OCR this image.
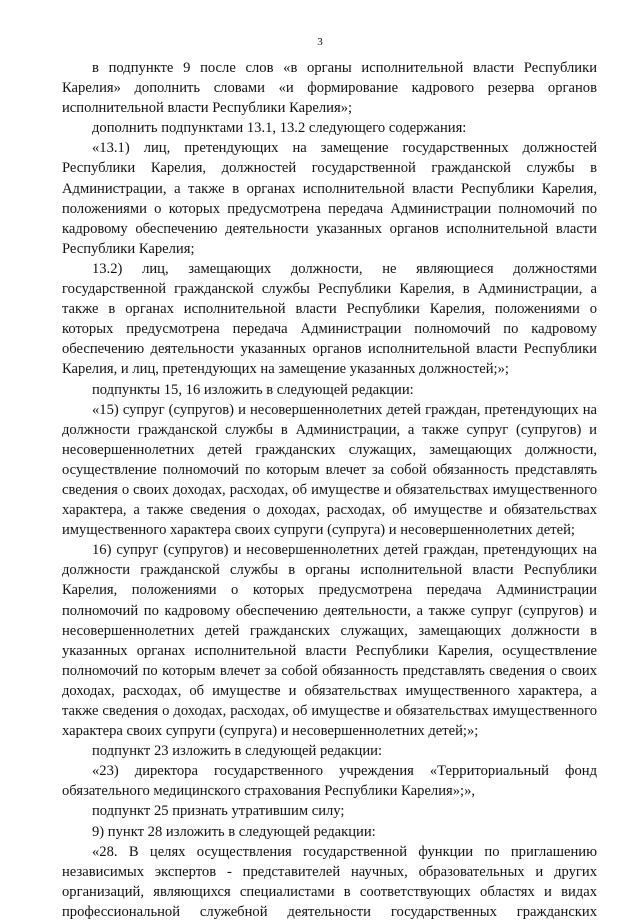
3

в подпункте 9 после слов «в органы исполнительной власти Республики Карелия» дополнить словами «и формирование кадрового резерва органов исполнительной власти Республики Карелия»;

дополнить подпунктами 13.1, 13.2 следующего содержания:

«13.1) лиц, претендующих на замещение государственных должностей Республики Карелия, должностей государственной гражданской службы в Администрации, а также в органах исполнительной власти Республики Карелия, положениями о которых предусмотрена передача Администрации полномочий по кадровому обеспечению деятельности указанных органов исполнительной власти Республики Карелия;

13.2) лиц, замещающих должности, не являющиеся должностями государственной гражданской службы Республики Карелия, в Администрации, а также в органах исполнительной власти Республики Карелия, положениями о которых предусмотрена передача Администрации полномочий по кадровому обеспечению деятельности указанных органов исполнительной власти Республики Карелия, и лиц, претендующих на замещение указанных должностей;»;

подпункты 15, 16 изложить в следующей редакции:

«15) супруг (супругов) и несовершеннолетних детей граждан, претендующих на должности гражданской службы в Администрации, а также супруг (супругов) и несовершеннолетних детей гражданских служащих, замещающих должности, осуществление полномочий по которым влечет за собой обязанность представлять сведения о своих доходах, расходах, об имуществе и обязательствах имущественного характера, а также сведения о доходах, расходах, об имуществе и обязательствах имущественного характера своих супруги (супруга) и несовершеннолетних детей;

16) супруг (супругов) и несовершеннолетних детей граждан, претендующих на должности гражданской службы в органы исполнительной власти Республики Карелия, положениями о которых предусмотрена передача Администрации полномочий по кадровому обеспечению деятельности, а также супруг (супругов) и несовершеннолетних детей гражданских служащих, замещающих должности в указанных органах исполнительной власти Республики Карелия, осуществление полномочий по которым влечет за собой обязанность представлять сведения о своих доходах, расходах, об имуществе и обязательствах имущественного характера, а также сведения о доходах, расходах, об имуществе и обязательствах имущественного характера своих супруги (супруга) и несовершеннолетних детей;»;

подпункт 23 изложить в следующей редакции:

«23) директора государственного учреждения «Территориальный фонд обязательного медицинского страхования Республики Карелия»;»,

подпункт 25 признать утратившим силу;

9) пункт 28 изложить в следующей редакции:

«28. В целях осуществления государственной функции по приглашению независимых экспертов - представителей научных, образовательных и других организаций, являющихся специалистами в соответствующих областях и видах профессиональной служебной деятельности государственных гражданских
